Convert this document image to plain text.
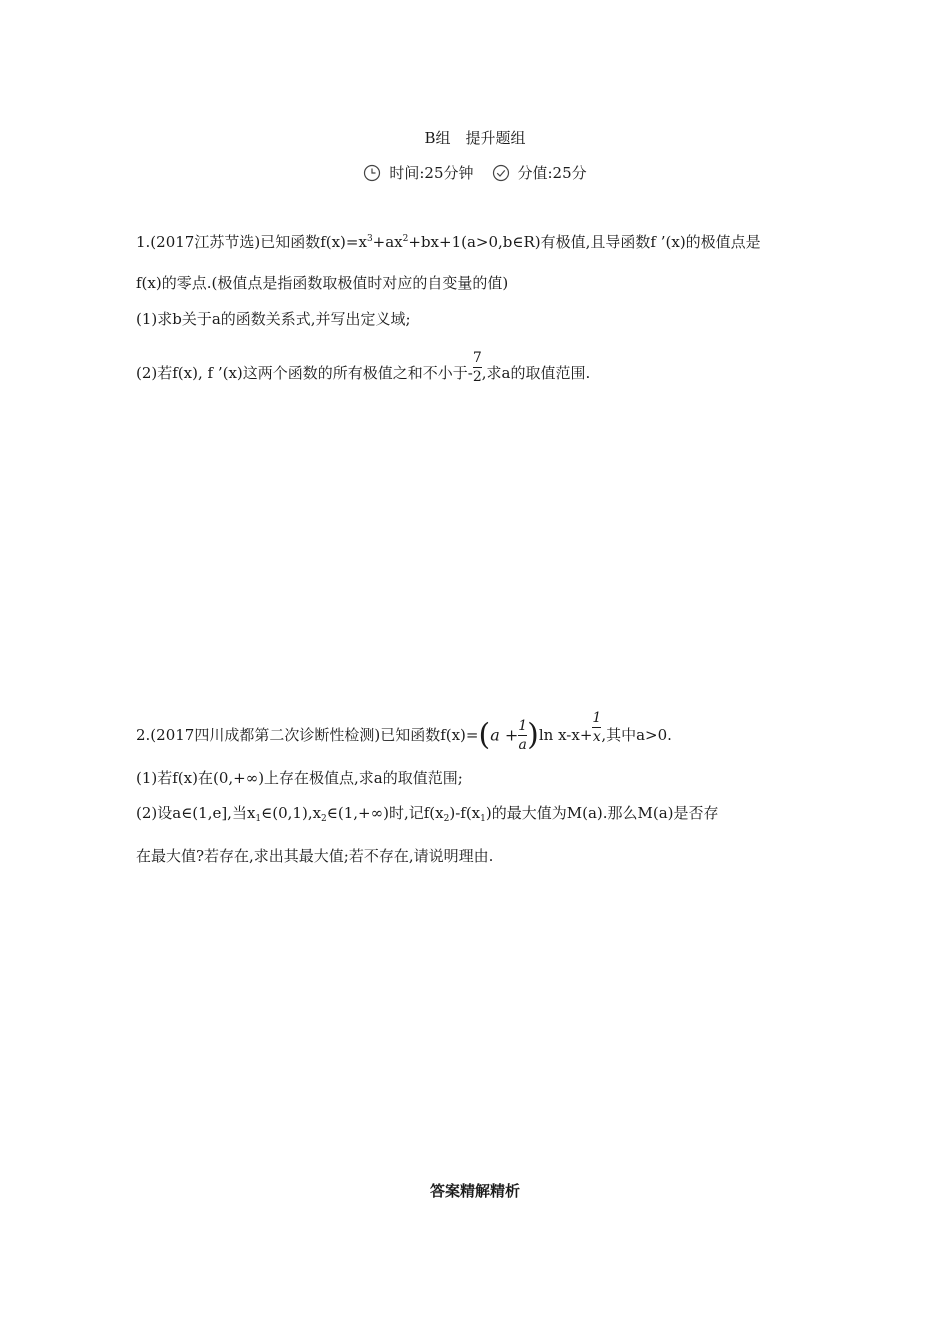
B组　提升题组
时间:25分钟	分值:25分
1.(2017江苏节选)已知函数$f(x)=x^3+ax^2+bx+1(a>0,b\in R)$有极值,且导函数f ’(x)的极值点是
f(x)的零点.(极值点是指函数取极值时对应的自变量的值)
(1)求b关于a的函数关系式,并写出定义域;
(2)若f(x), f ’(x)这两个函数的所有极值之和不小于- $\frac{7}{2}$ ,求a的取值范围.
2.(2017四川成都第二次诊断性检测)已知函数$f(x)=(a + \frac{1}{a} )\ln$ $x-x+ \frac{1}{x}$ ,其中a>0.
(1)若f(x)在(0,+∞)上存在极值点,求a的取值范围;
(2)设a∈(1,e],当$x_1\in(0,1),x_2\in(1,+\infty)$时,记$f(x_2)-f(x_1)$的最大值为M(a).那么M(a)是否存
在最大值?若存在,求出其最大值;若不存在,请说明理由.
答案精解精析
